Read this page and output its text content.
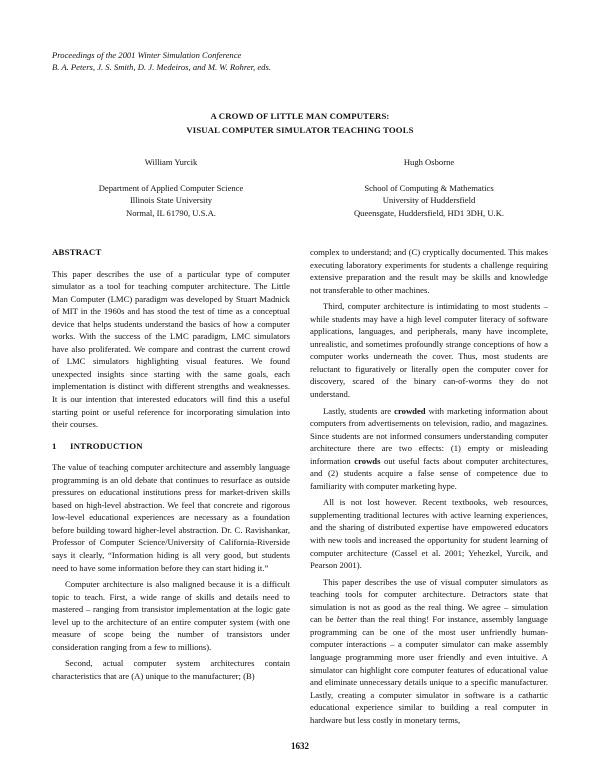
Proceedings of the 2001 Winter Simulation Conference
B. A. Peters, J. S. Smith, D. J. Medeiros, and M. W. Rohrer, eds.
A CROWD OF LITTLE MAN COMPUTERS:
VISUAL COMPUTER SIMULATOR TEACHING TOOLS
William Yurcik
Department of Applied Computer Science
Illinois State University
Normal, IL 61790, U.S.A.
Hugh Osborne
School of Computing & Mathematics
University of Huddersfield
Queensgate, Huddersfield, HD1 3DH, U.K.
ABSTRACT

This paper describes the use of a particular type of computer simulator as a tool for teaching computer architecture. The Little Man Computer (LMC) paradigm was developed by Stuart Madnick of MIT in the 1960s and has stood the test of time as a conceptual device that helps students understand the basics of how a computer works. With the success of the LMC paradigm, LMC simulators have also proliferated. We compare and contrast the current crowd of LMC simulators highlighting visual features. We found unexpected insights since starting with the same goals, each implementation is distinct with different strengths and weaknesses. It is our intention that interested educators will find this a useful starting point or useful reference for incorporating simulation into their courses.

1 INTRODUCTION

The value of teaching computer architecture and assembly language programming is an old debate that continues to resurface as outside pressures on educational institutions press for market-driven skills based on high-level abstraction. We feel that concrete and rigorous low-level educational experiences are necessary as a foundation before building toward higher-level abstraction. Dr. C. Ravishankar, Professor of Computer Science/University of California-Riverside says it clearly, “Information hiding is all very good, but students need to have some information before they can start hiding it.”

Computer architecture is also maligned because it is a difficult topic to teach. First, a wide range of skills and details need to mastered – ranging from transistor implementation at the logic gate level up to the architecture of an entire computer system (with one measure of scope being the number of transistors under consideration ranging from a few to millions).

Second, actual computer system architectures contain characteristics that are (A) unique to the manufacturer; (B)

complex to understand; and (C) cryptically documented. This makes executing laboratory experiments for students a challenge requiring extensive preparation and the result may be skills and knowledge not transferable to other machines.

Third, computer architecture is intimidating to most students – while students may have a high level computer literacy of software applications, languages, and peripherals, many have incomplete, unrealistic, and sometimes profoundly strange conceptions of how a computer works underneath the cover. Thus, most students are reluctant to figuratively or literally open the computer cover for discovery, scared of the binary can-of-worms they do not understand.

Lastly, students are crowded with marketing information about computers from advertisements on television, radio, and magazines. Since students are not informed consumers understanding computer architecture there are two effects: (1) empty or misleading information crowds out useful facts about computer architectures, and (2) students acquire a false sense of competence due to familiarity with computer marketing hype.

All is not lost however. Recent textbooks, web resources, supplementing traditional lectures with active learning experiences, and the sharing of distributed expertise have empowered educators with new tools and increased the opportunity for student learning of computer architecture (Cassel et al. 2001; Yehezkel, Yurcik, and Pearson 2001).

This paper describes the use of visual computer simulators as teaching tools for computer architecture. Detractors state that simulation is not as good as the real thing. We agree – simulation can be better than the real thing! For instance, assembly language programming can be one of the most user unfriendly human-computer interactions – a computer simulator can make assembly language programming more user friendly and even intuitive. A simulator can highlight core computer features of educational value and eliminate unnecessary details unique to a specific manufacturer. Lastly, creating a computer simulator in software is a cathartic educational experience similar to building a real computer in hardware but less costly in monetary terms,

1632
